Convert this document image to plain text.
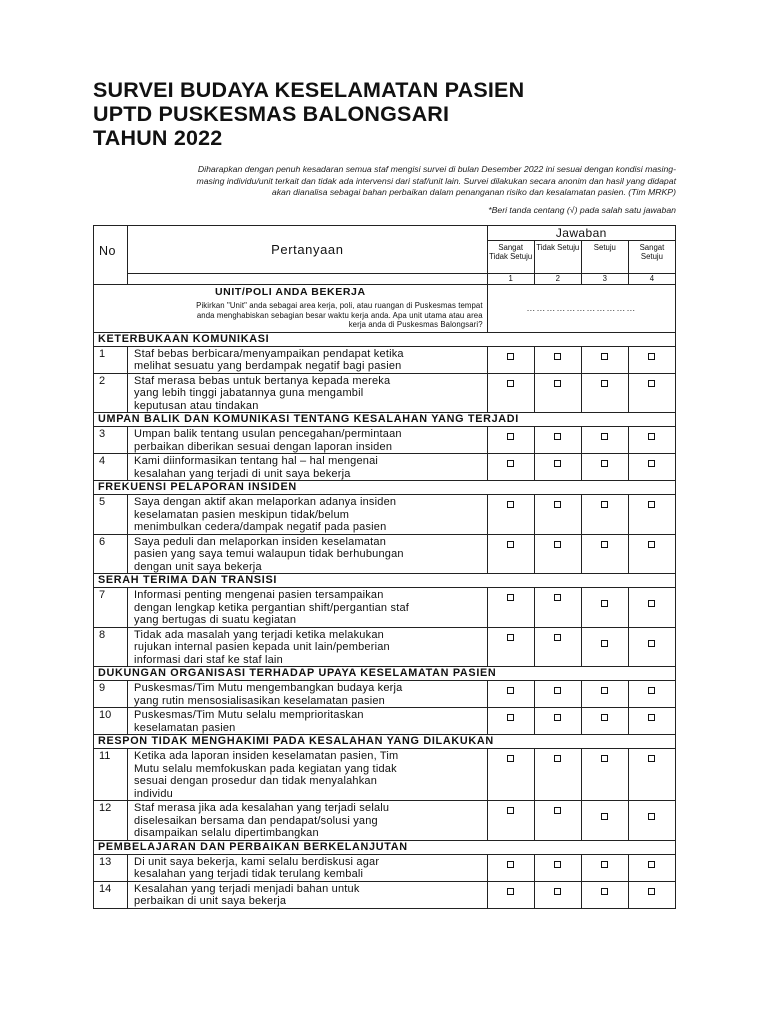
SURVEI BUDAYA KESELAMATAN PASIEN
UPTD PUSKESMAS BALONGSARI
TAHUN 2022
Diharapkan dengan penuh kesadaran semua staf mengisi survei di bulan Desember 2022 ini sesuai dengan kondisi masing-
masing individu/unit terkait dan tidak ada intervensi dari staf/unit lain. Survei dilakukan secara anonim dan hasil yang didapat
akan dianalisa sebagai bahan perbaikan dalam penanganan risiko dan kesalamatan pasien. (Tim MRKP)
*Beri tanda centang (√) pada salah satu jawaban
No	Pertanyaan	Jawaban			
		Sangat Tidak Setuju	Tidak Setuju	Setuju	Sangat Setuju
		1	2	3	4

UNIT/POLI ANDA BEKERJA
Pikirkan "Unit" anda sebagai area kerja, poli, atau ruangan di Puskesmas tempat
anda menghabiskan sebagian besar waktu kerja anda. Apa unit utama atau area
kerja anda di Puskesmas Balongsari?		……………………………			
KETERBUKAAN KOMUNIKASI					
1	Staf bebas berbicara/menyampaikan pendapat ketika
melihat sesuatu yang berdampak negatif bagi pasien				

2	Staf merasa bebas untuk bertanya kepada mereka
yang lebih tinggi jabatannya guna mengambil
keputusan atau tindakan				

UMPAN BALIK DAN KOMUNIKASI TENTANG KESALAHAN YANG TERJADI					
3	Umpan balik tentang usulan pencegahan/permintaan
perbaikan diberikan sesuai dengan laporan insiden				

4	Kami diinformasikan tentang hal – hal mengenai
kesalahan yang terjadi di unit saya bekerja				

FREKUENSI PELAPORAN INSIDEN					
5	Saya dengan aktif akan melaporkan adanya insiden
keselamatan pasien meskipun tidak/belum
menimbulkan cedera/dampak negatif pada pasien				

6	Saya peduli dan melaporkan insiden keselamatan
pasien yang saya temui walaupun tidak berhubungan
dengan unit saya bekerja				

SERAH TERIMA DAN TRANSISI					
7	Informasi penting mengenai pasien tersampaikan
dengan lengkap ketika pergantian shift/pergantian staf
yang bertugas di suatu kegiatan				

8	Tidak ada masalah yang terjadi ketika melakukan
rujukan internal pasien kepada unit lain/pemberian
informasi dari staf ke staf lain				

DUKUNGAN ORGANISASI TERHADAP UPAYA KESELAMATAN PASIEN					
9	Puskesmas/Tim Mutu mengembangkan budaya kerja
yang rutin mensosialisasikan keselamatan pasien				

10	Puskesmas/Tim Mutu selalu memprioritaskan
keselamatan pasien				

RESPON TIDAK MENGHAKIMI PADA KESALAHAN YANG DILAKUKAN					
11	Ketika ada laporan insiden keselamatan pasien, Tim
Mutu selalu memfokuskan pada kegiatan yang tidak
sesuai dengan prosedur dan tidak menyalahkan
individu				

12	Staf merasa jika ada kesalahan yang terjadi selalu
diselesaikan bersama dan pendapat/solusi yang
disampaikan selalu dipertimbangkan				

PEMBELAJARAN DAN PERBAIKAN BERKELANJUTAN					
13	Di unit saya bekerja, kami selalu berdiskusi agar
kesalahan yang terjadi tidak terulang kembali				

14	Kesalahan yang terjadi menjadi bahan untuk
perbaikan di unit saya bekerja				
